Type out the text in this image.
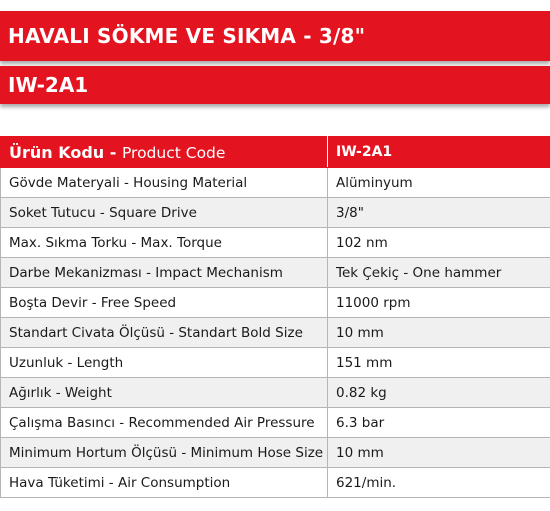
HAVALI SÖKME VE SIKMA - 3/8"
IW-2A1
Ürün Kodu - Product Code	IW-2A1
Gövde Materyali - Housing Material	Alüminyum
Soket Tutucu - Square Drive	3/8"
Max. Sıkma Torku - Max. Torque	102 nm
Darbe Mekanizması - Impact Mechanism	Tek Çekiç - One hammer
Boşta Devir - Free Speed	11000 rpm
Standart Civata Ölçüsü - Standart Bold Size	10 mm
Uzunluk - Length	151 mm
Ağırlık - Weight	0.82 kg
Çalışma Basıncı - Recommended Air Pressure	6.3 bar
Minimum Hortum Ölçüsü - Minimum Hose Size	10 mm
Hava Tüketimi - Air Consumption	621/min.
